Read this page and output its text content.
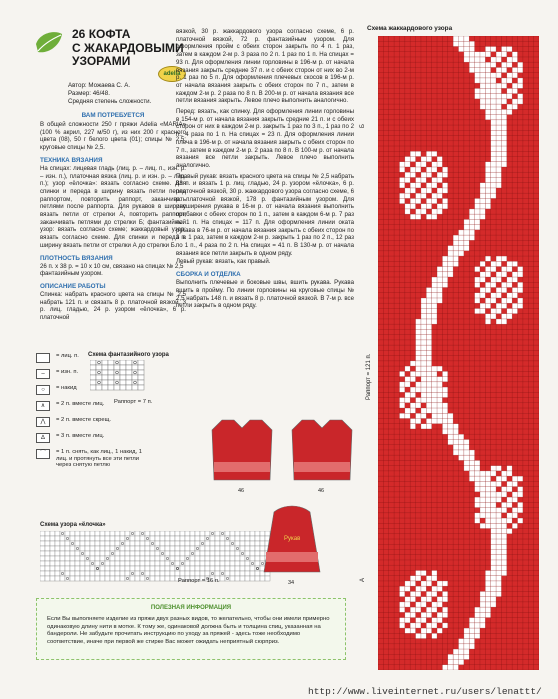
26 КОФТА
С ЖАКАРДОВЫМИ
УЗОРАМИ
adelia
Автор: Можаева С. А.
Размер: 46/48.
Средняя степень сложности.
ВАМ ПОТРЕБУЕТСЯ
В общей сложности 250 г пряжи Adelia «MARIA» (100 % акрил, 227 м/50 г), из них 200 г красного цвета (08), 50 г белого цвета (01); спицы № 2,5; круговые спицы № 2,5.
ТЕХНИКА ВЯЗАНИЯ
На спицах: лицевая гладь (лиц. р. – лиц. п., изн. р. – изн. п.), платочная вязка (лиц. р. и изн. р. – лиц. п.); узор «ёлочка»: вязать согласно схеме. Для спинки и переда в ширину вязать петли перед раппортом, повторить раппорт, заканчивать петлями после раппорта. Для рукавов в ширину вязать петли от стрелки А, повторить раппорт, заканчивать петлями до стрелки Б; фантазийный узор: вязать согласно схеме; жаккардовый узор: вязать согласно схеме. Для спинки и переда в ширину вязать петли от стрелки А до стрелки Б.
ПЛОТНОСТЬ ВЯЗАНИЯ
26 п. х 38 р. = 10 х 10 см, связано на спицах № 2,5 фантазийным узором.
ОПИСАНИЕ РАБОТЫ
Спинка: набрать красного цвета на спицы № 2,5 набрать 121 п. и связать 8 р. платочной вязкой, 3 р. лиц. гладью, 24 р. узором «ёлочка», 6 р. платочной
= лиц. п.
–	= изн. п.
○	= накид
∧	= 2 п. вместе лиц.
⋀	= 2 п. вместе скрещ.
∆	= 3 п. вместе лиц.
⌒	= 1 п. снять, как лиц., 1 накид, 1 лиц. и протянуть все эти петли через снятую петлю
Схема фантазийного узора
Раппорт = 7 п.
Схема узора «ёлочка»
Раппорт = 16 п.
вязкой, 30 р. жаккардового узора согласно схеме, 6 р. платочной вязкой, 72 р. фантазийным узором. Для оформления пройм с обеих сторон закрыть по 4 п. 1 раз, затем в каждом 2-м р. 3 раза по 2 п. 1 раз по 1 п. На спицах = 93 п. Для оформления линии горловины в 196-м р. от начала вязания закрыть средние 37 п. и с обеих сторон от них во 2-м р. 1 раз по 5 п. Для оформления плечевых скосов в 196-м р. от начала вязания закрыть с обеих сторон по 7 п., затем в каждом 2-м р. 2 раза по 8 п. В 200-м р. от начала вязания все петли вязания закрыть. Левое плечо выполнить аналогично.
Перед: вязать, как спинку. Для оформления линии горловины в 154-м р. от начала вязания закрыть средние 21 п. и с обеих сторон от них в каждом 2-м р. закрыть 1 раз по 3 п., 1 раз по 2 п., 4 раза по 1 п. На спицах = 23 п. Для оформления линии плеча в 196-м р. от начала вязания закрыть с обеих сторон по 7 п., затем в каждом 2-м р. 2 раза по 8 п. В 100-м р. от начала вязания все петли закрыть. Левое плечо выполнить аналогично.
Правый рукав: вязать красного цвета на спицы № 2,5 набрать 83 п. и вязать 1 р. лиц. гладью, 24 р. узором «ёлочка», 6 р. платочной вязкой, 30 р. жаккардового узора согласно схеме, 6 р. платочной вязкой, 178 р. фантазийным узором. Для расширения рукава в 16-м р. от начала вязания выполнить прибавки с обеих сторон по 1 п., затем в каждом 6-м р. 7 раз по 1 п. На спицах = 117 п. Для оформления линии оката рукава в 76-м р. от начала вязания закрыть с обеих сторон по 3 п. 1 раз, затем в каждом 2-м р. закрыть 1 раз по 2 п., 12 раз по 1 п., 4 раза по 2 п. На спицах = 41 п. В 130-м р. от начала вязания все петли закрыть в одном ряду.
Левый рукав: вязать, как правый.
СБОРКА И ОТДЕЛКА
Выполнить плечевые и боковые швы, вшить рукава. Рукава вшить в пройму. По линии горловины на круговые спицы № 2,5 набрать 148 п. и вязать 8 р. платочной вязкой. В 7-м р. все петли закрыть в одном ряду.
46	46
Рукав
34
ПОЛЕЗНАЯ ИНФОРМАЦИЯ
Если Вы выполняете изделие из пряжи двух разных видов, то желательно, чтобы они имели примерно одинаковую длину нити в мотке. К тому же, одинаковой должна быть и толщина спиц, указанная на бандероли. Не забудьте прочитать инструкцию по уходу за пряжей - здесь тоже необходимо соответствие, иначе при первой же стирке Вас может ожидать неприятный сюрприз.
Схема жаккардового узора
Б
А
Раппорт = 121 п.
http://www.liveinternet.ru/users/lenattt/
